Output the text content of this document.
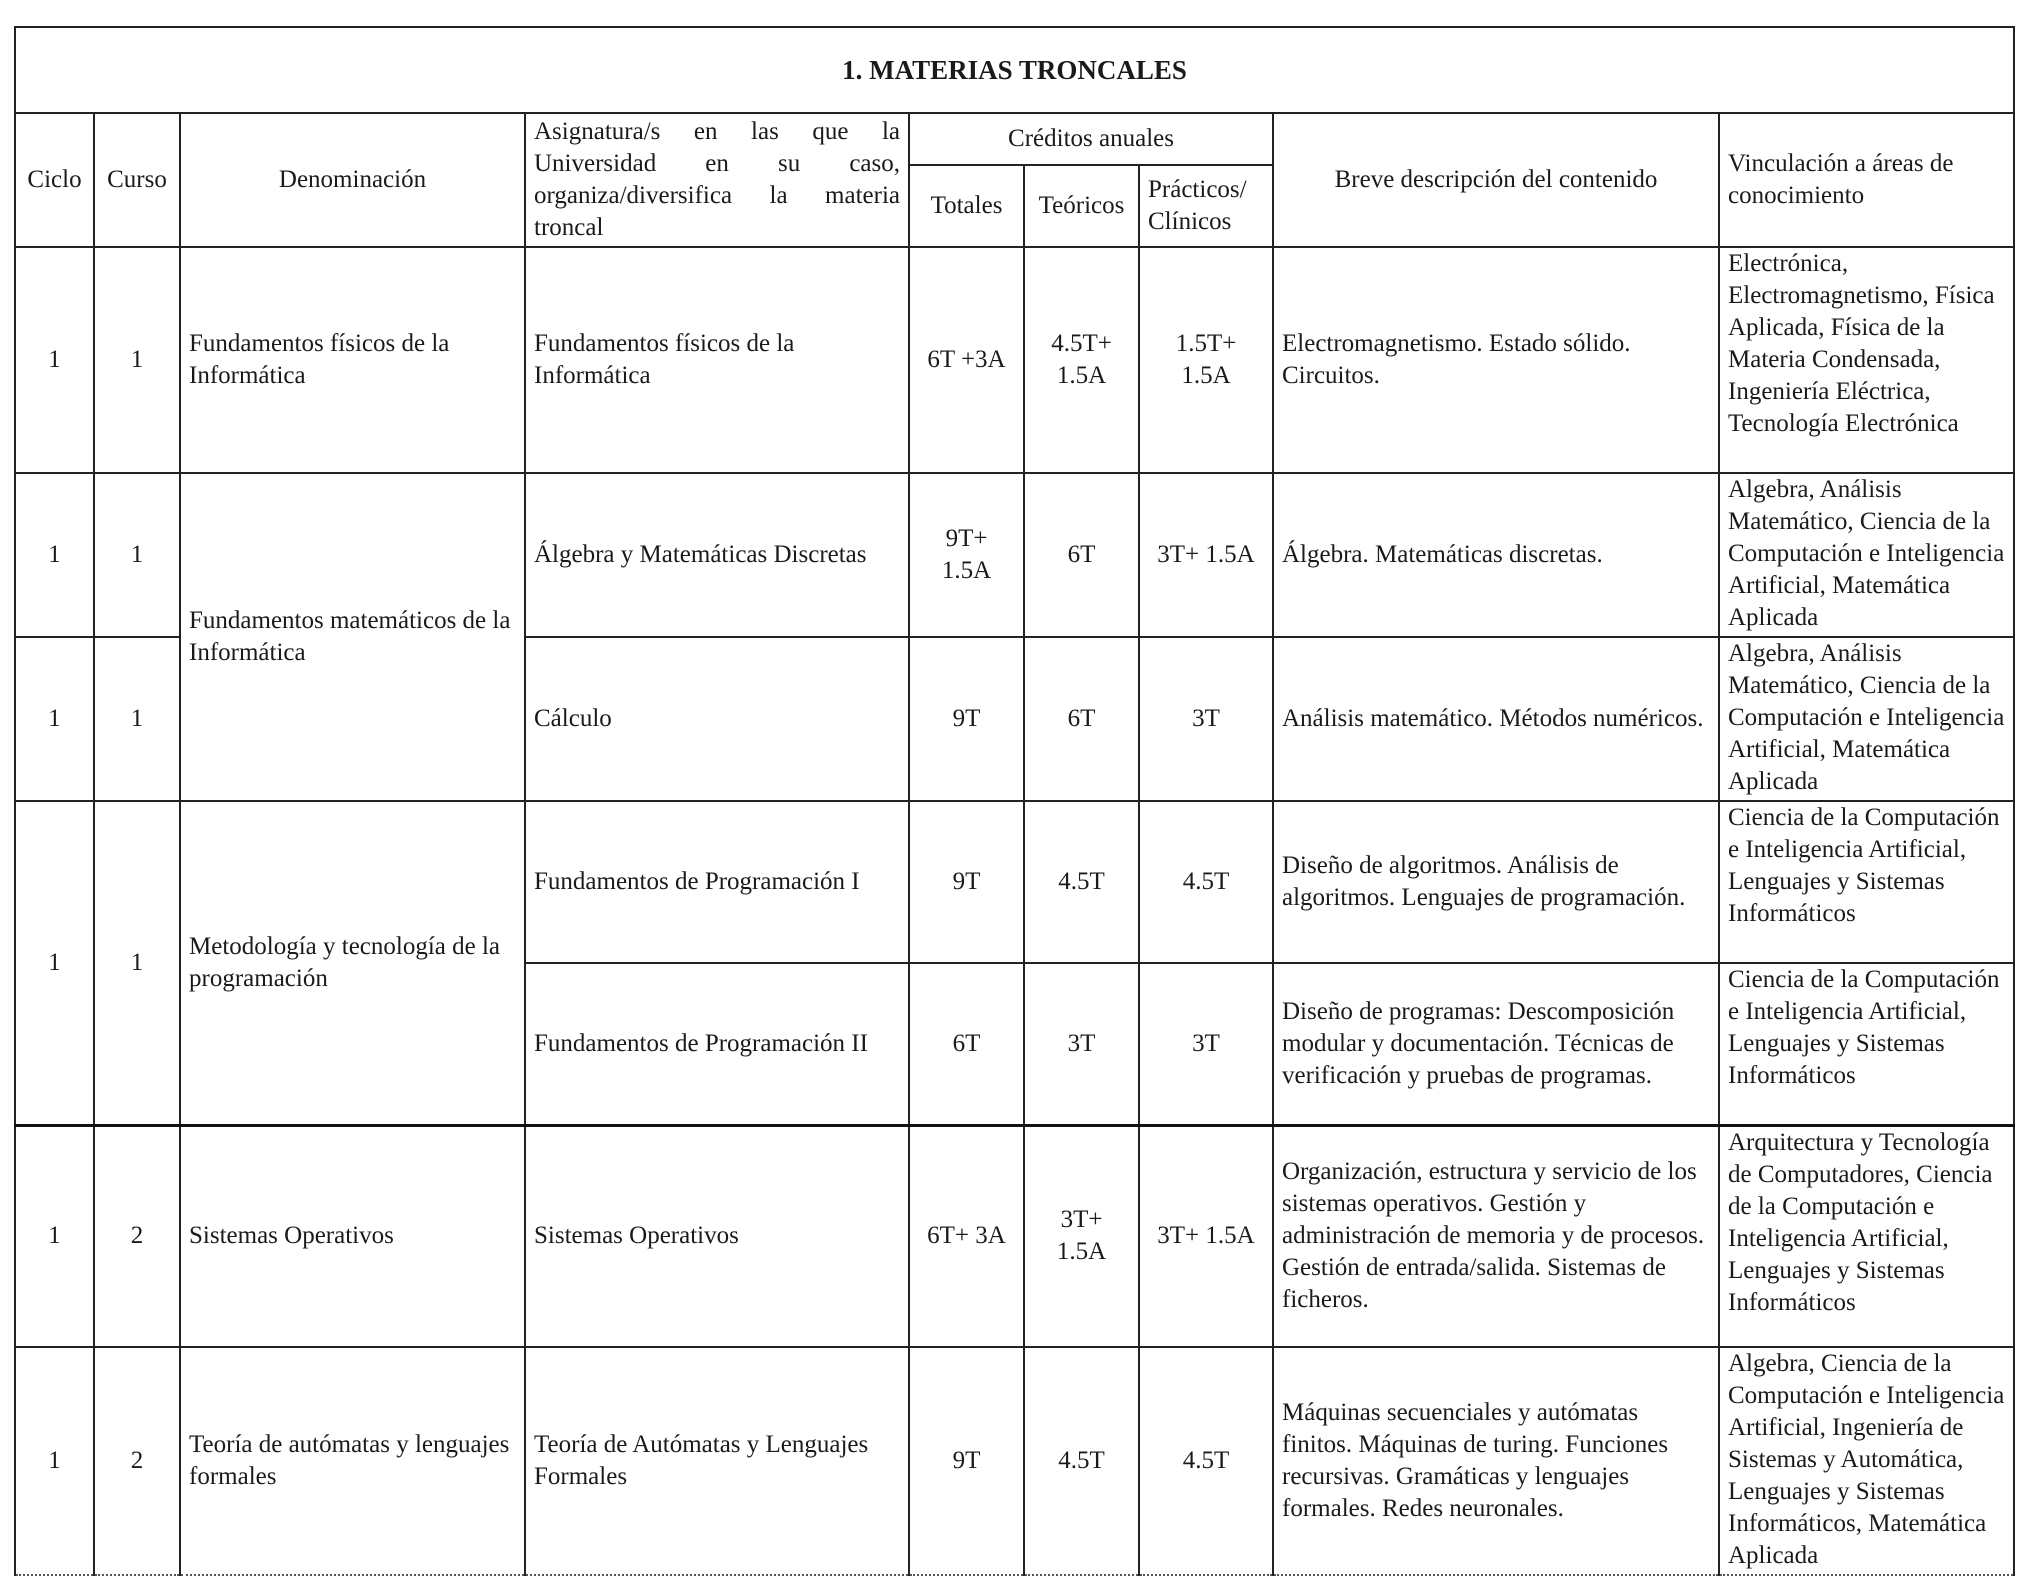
1. MATERIAS TRONCALES								
Ciclo	Curso	Denominación	Asignatura/s en las que la Universidad en su caso, organiza/diversifica la materia troncal	Créditos anuales			Breve descripción del contenido	Vinculación a áreas de conocimiento
				Totales	Teóricos	Prácticos/ Clínicos		
1	1	Fundamentos físicos de la Informática	Fundamentos físicos de la Informática	6T +3A	4.5T+ 1.5A	1.5T+ 1.5A	Electromagnetismo. Estado sólido. Circuitos.	Electrónica, Electromagnetismo, Física Aplicada, Física de la Materia Condensada, Ingeniería Eléctrica, Tecnología Electrónica
1	1	Fundamentos matemáticos de la Informática	Álgebra y Matemáticas Discretas	9T+ 1.5A	6T	3T+ 1.5A	Álgebra. Matemáticas discretas.	Algebra, Análisis Matemático, Ciencia de la Computación e Inteligencia Artificial, Matemática Aplicada
1	1		Cálculo	9T	6T	3T	Análisis matemático. Métodos numéricos.	Algebra, Análisis Matemático, Ciencia de la Computación e Inteligencia Artificial, Matemática Aplicada
1	1	Metodología y tecnología de la programación	Fundamentos de Programación I	9T	4.5T	4.5T	Diseño de algoritmos. Análisis de algoritmos. Lenguajes de programación.	Ciencia de la Computación e Inteligencia Artificial, Lenguajes y Sistemas Informáticos
			Fundamentos de Programación II	6T	3T	3T	Diseño de programas: Descomposición modular y documentación. Técnicas de verificación y pruebas de programas.	Ciencia de la Computación e Inteligencia Artificial, Lenguajes y Sistemas Informáticos
1	2	Sistemas Operativos	Sistemas Operativos	6T+ 3A	3T+ 1.5A	3T+ 1.5A	Organización, estructura y servicio de los sistemas operativos. Gestión y administración de memoria y de procesos. Gestión de entrada/salida. Sistemas de ficheros.	Arquitectura y Tecnología de Computadores, Ciencia de la Computación e Inteligencia Artificial, Lenguajes y Sistemas Informáticos
1	2	Teoría de autómatas y lenguajes formales	Teoría de Autómatas y Lenguajes Formales	9T	4.5T	4.5T	Máquinas secuenciales y autómatas finitos. Máquinas de turing. Funciones recursivas. Gramáticas y lenguajes formales. Redes neuronales.	Algebra, Ciencia de la Computación e Inteligencia Artificial, Ingeniería de Sistemas y Automática, Lenguajes y Sistemas Informáticos, Matemática Aplicada
